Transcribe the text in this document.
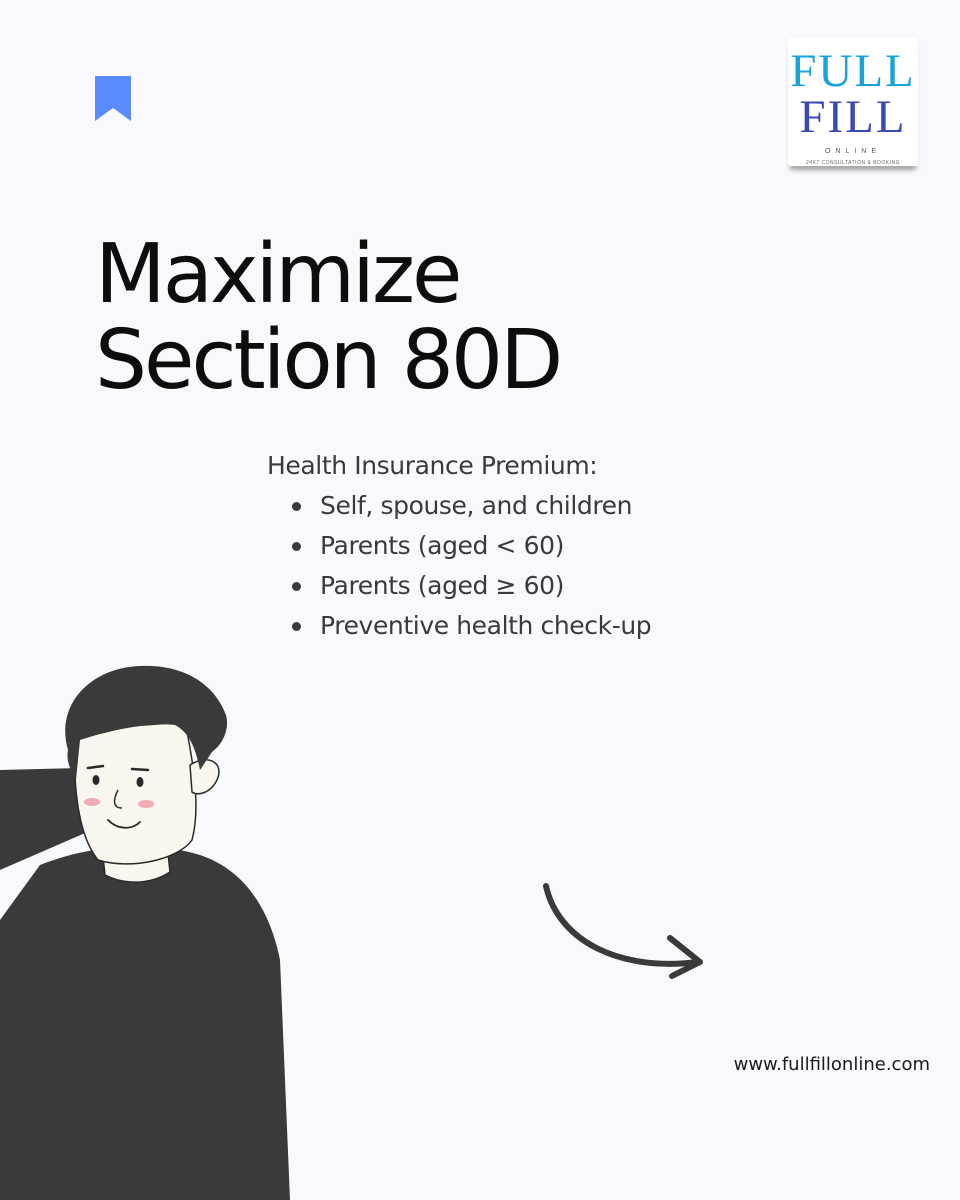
FULL
FILL
ONLINE
24X7 CONSULTATION & BOOKING
Maximize
Section 80D
Health Insurance Premium:
Self, spouse, and children
Parents (aged < 60)
Parents (aged ≥ 60)
Preventive health check-up
www.fullfillonline.com
